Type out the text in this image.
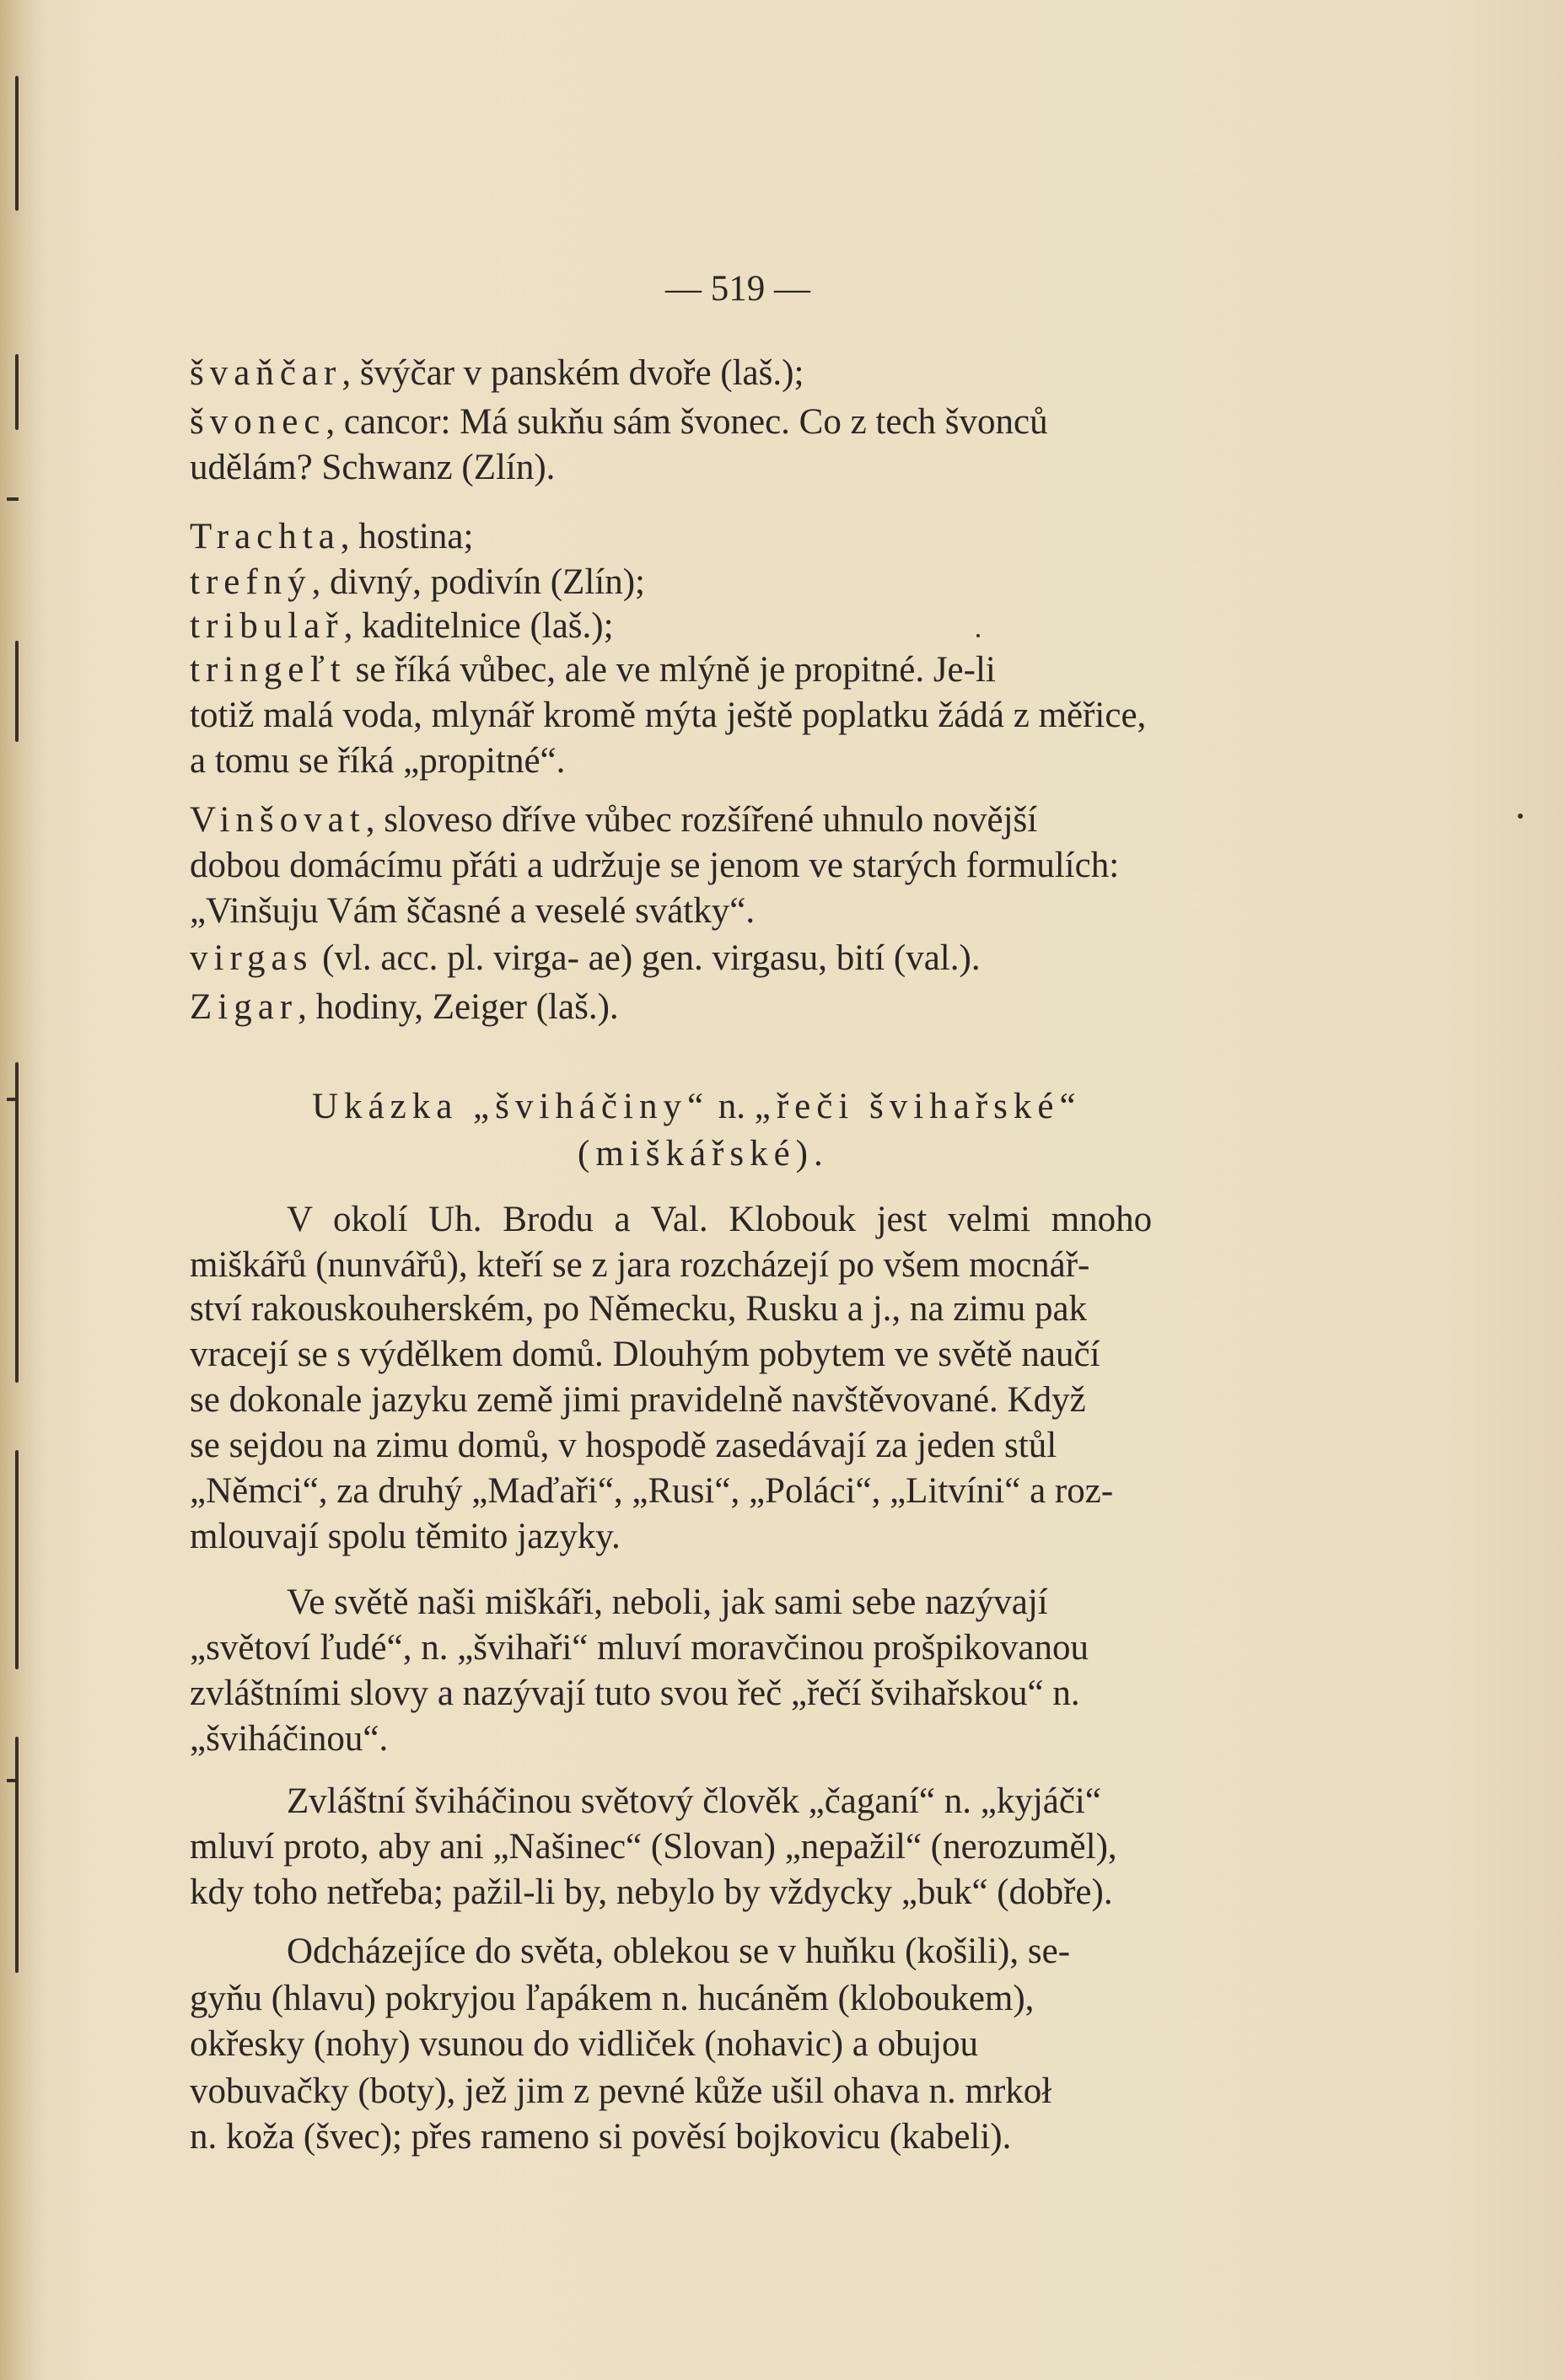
— 519 —
švaňčar, švýčar v panském dvoře (laš.);
švonec, cancor: Má sukňu sám švonec. Co z tech švonců
udělám? Schwanz (Zlín).
Trachta, hostina;
trefný, divný, podivín (Zlín);
tribulař, kaditelnice (laš.);
tringeľt se říká vůbec, ale ve mlýně je propitné. Je-li
totiž malá voda, mlynář kromě mýta ještě poplatku žádá z měřice,
a tomu se říká „propitné“.
Vinšovat, sloveso dříve vůbec rozšířené uhnulo novější
dobou domácímu přáti a udržuje se jenom ve starých formulích:
„Vinšuju Vám ščasné a veselé svátky“.
virgas (vl. acc. pl. virga- ae) gen. virgasu, bití (val.).
Zigar, hodiny, Zeiger (laš.).
Ukázka „šviháčiny“ n. „řeči švihařské“
(miškářské).
V okolí Uh. Brodu a Val. Klobouk jest velmi mnoho
miškářů (nunvářů), kteří se z jara rozcházejí po všem mocnář-
ství rakouskouherském, po Německu, Rusku a j., na zimu pak
vracejí se s výdělkem domů. Dlouhým pobytem ve světě naučí
se dokonale jazyku země jimi pravidelně navštěvované. Když
se sejdou na zimu domů, v hospodě zasedávají za jeden stůl
„Němci“, za druhý „Maďaři“, „Rusi“, „Poláci“, „Litvíni“ a roz-
mlouvají spolu těmito jazyky.
Ve světě naši miškáři, neboli, jak sami sebe nazývají
„světoví ľudé“, n. „švihaři“ mluví moravčinou prošpikovanou
zvláštními slovy a nazývají tuto svou řeč „řečí švihařskou“ n.
„šviháčinou“.
Zvláštní šviháčinou světový člověk „čaganí“ n. „kyjáči“
mluví proto, aby ani „Našinec“ (Slovan) „nepažil“ (nerozuměl),
kdy toho netřeba; pažil-li by, nebylo by vždycky „buk“ (dobře).
Odcházejíce do světa, oblekou se v huňku (košili), se-
gyňu (hlavu) pokryjou ľapákem n. hucáněm (kloboukem),
okřesky (nohy) vsunou do vidliček (nohavic) a obujou
vobuvačky (boty), jež jim z pevné kůže ušil ohava n. mrkoł
n. koža (švec); přes rameno si pověsí bojkovicu (kabeli).
